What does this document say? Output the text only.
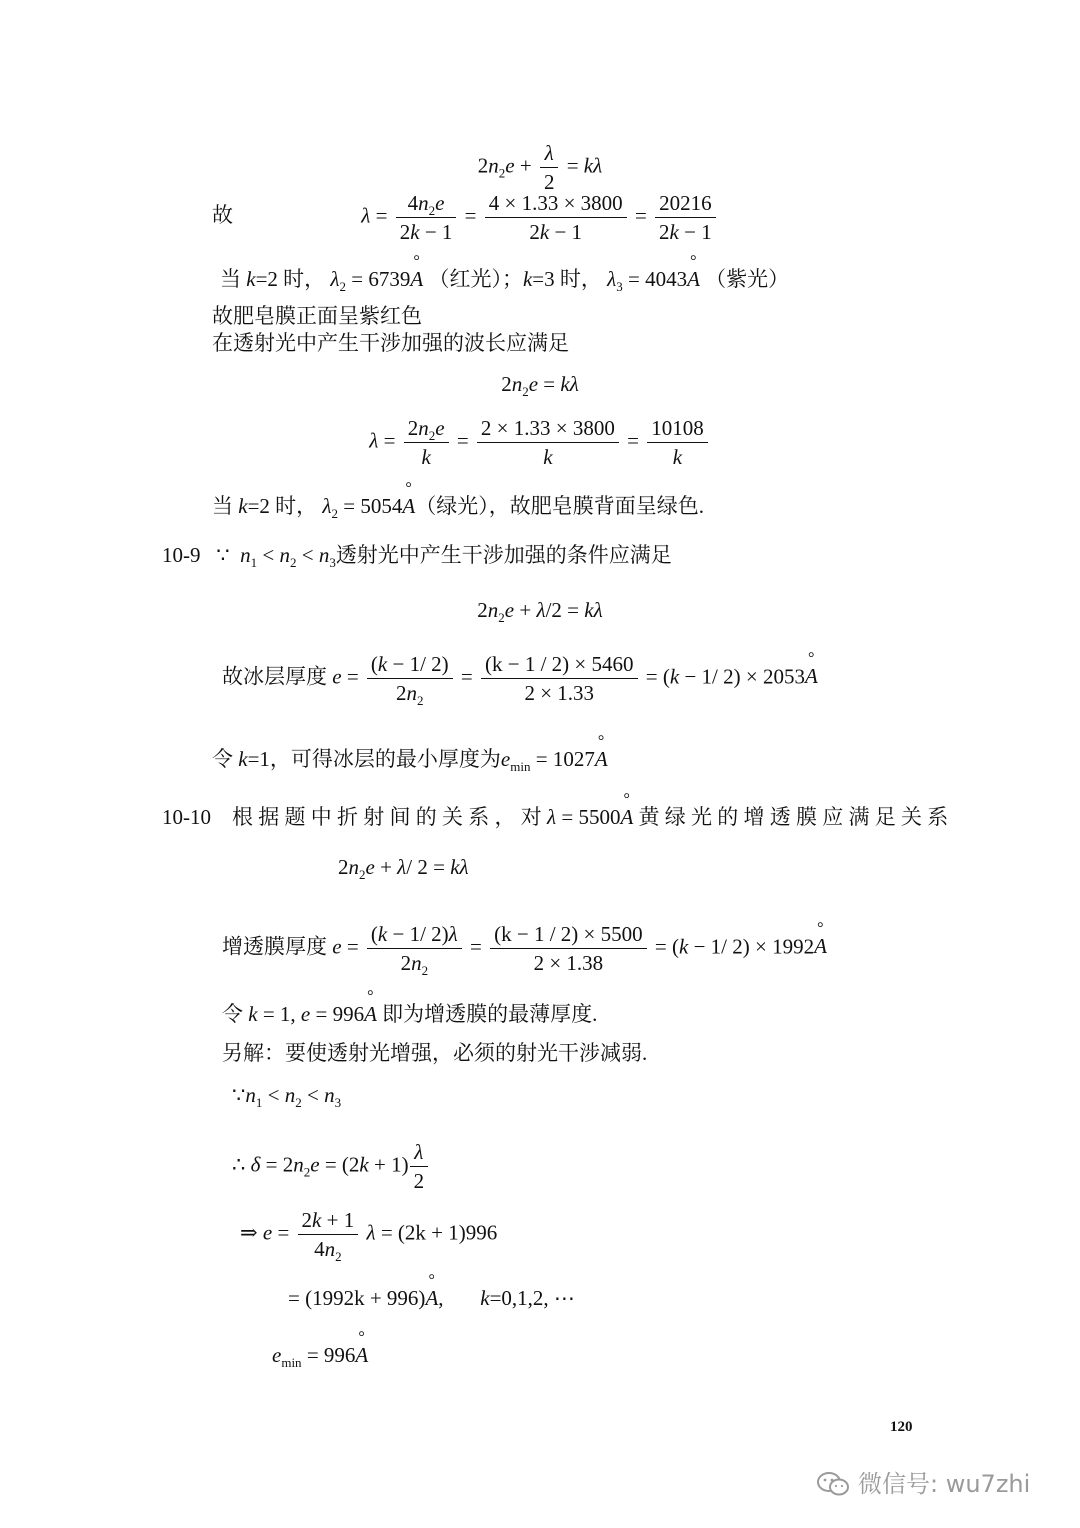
$2n_2e + \frac{\lambda}{2} = k\lambda$
故	$\lambda = \frac{4n_2e}{2k - 1} = \frac{4 \times 1.33 \times 3800}{2k - 1} = \frac{20216}{2k - 1}$
当 k=2 时， $\lambda_2 = 6739^\circ$ A （红光）；k=3 时， $\lambda_3 = 4043^\circ$ A （紫光）
故肥皂膜正面呈紫红色
在透射光中产生干涉加强的波长应满足
$2n_2e = k\lambda$
$\lambda = \frac{2n_2e}{k} = \frac{2 \times 1.33 \times 3800}{k} = \frac{10108}{k}$
当 k=2 时， $\lambda_2 = 5054^\circ$ A（绿光），故肥皂膜背面呈绿色.
10-9 ∵ $n_1 < n_2 < n_3$透射光中产生干涉加强的条件应满足
$2n_2e + \lambda/2 = k\lambda$
故冰层厚度 $e = \frac{(k - 1/ 2)}{2n_2} = \frac{(k - 1 / 2) \times 5460}{2 \times 1.33} = (k - 1/$ 2) × 2053° A
令 k=1，可得冰层的最小厚度为$e_{min} = 1027^\circ$ A
10-10 根 据 题 中 折 射 间 的 关 系 ， 对 λ = 5500° A 黄 绿 光 的 增 透 膜 应 满 足 关 系
$2n_2e + \lambda/$ 2 = kλ
增透膜厚度 $e = \frac{(k - 1/ 2)\lambda}{2n_2} = \frac{(k - 1 / 2) \times 5500}{2 \times 1.38} = (k - 1/$ 2) × 1992° A
令 k = 1, e = 996° A 即为增透膜的最薄厚度.
另解：要使透射光增强，必须的射光干涉减弱.
$\because n_1 < n_2 < n_3$
∴ $\delta = 2n_2e = (2k + 1) \frac{\lambda}{2}$
⇒ $e = \frac{2k + 1}{4n_2}$ λ = (2k + 1)996
= (1992k + 996)° A,       k=0,1,2, ⋯
$e_{min} = 996^\circ$ A
120
微信号: wu7zhi
